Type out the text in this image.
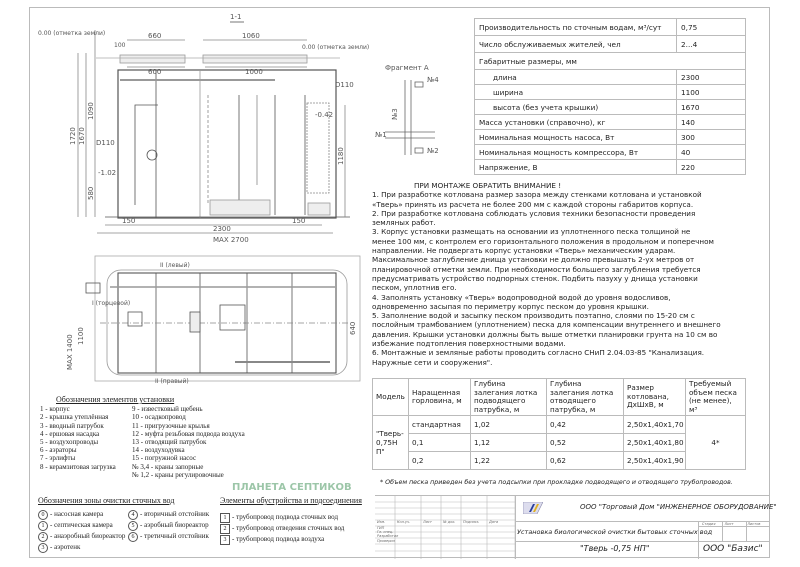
1-1
0.00 (отметка земли)
0.00 (отметка земли)
660	1060
600	1000
100
1720 1670
1090
580
1180
150	150
2300
MAX 2700
MAX 1400 1100	640
-1.02
-0.42
D110
D110
II (левый)
I (торцевой)
II (правый)
Фрагмент А
№4
№3
№1
№2
Производительность по сточным водам, м³/сут	0,75
Число обслуживаемых жителей, чел	2...4
Габаритные размеры, мм	
длина	2300
ширина	1100
высота (без учета крышки)	1670
Масса установки (справочно), кг	140
Номинальная мощность насоса, Вт	300
Номинальная мощность компрессора, Вт	40
Напряжение, В	220
ПРИ МОНТАЖЕ ОБРАТИТЬ ВНИМАНИЕ !
1. При разработке котлована размер зазора между стенками котлована и установкой
«Тверь» принять из расчета не более 200 мм с каждой стороны габаритов корпуса.
2. При разработке котлована соблюдать условия техники безопасности проведения
земляных работ.
3. Корпус установки размещать на основании из уплотненного песка толщиной не
менее 100 мм, с контролем его горизонтального положения в продольном и поперечном
направлении. Не подвергать корпус установки «Тверь» механическим ударам.
Максимальное заглубление днища установки не должно превышать 2-ух метров от
планировочной отметки земли. При необходимости большего заглубления требуется
предусматривать устройство подпорных стенок. Подбить пазуху у днища установки
песком, уплотнив его.
4. Заполнять установку «Тверь» водопроводной водой до уровня водосливов,
одновременно засыпая по периметру корпус песком до уровня крышки.
5. Заполнение водой и засыпку песком производить поэтапно, слоями по 15-20 см с
послойным трамбованием (уплотнением) песка для компенсации внутреннего и внешнего
давления. Крышки установки должны быть выше отметки планировки грунта на 10 см во
избежание подтопления поверхностными водами.
6. Монтажные и земляные работы проводить согласно СНиП 2.04.03-85 "Канализация.
Наружные сети и сооружения".
Модель	Наращенная горловина, м	Глубина залегания лотка подводящего патрубка, м	Глубина залегания лотка отводящего патрубка, м	Размер котлована, ДxШxВ, м	Требуемый объем песка (не менее), м³
"Тверь-0,75НП"	стандартная	1,02	0,42	2,50x1,40x1,70	4*
	0,1	1,12	0,52	2,50x1,40x1,80	
	0,2	1,22	0,62	2,50x1,40x1,90	
ПЛАНЕТА СЕПТИКОВ	* Объем песка приведен без учета подсыпки при прокладке подводящего и отводящего трубопроводов.
Обозначения элементов установки
1 - корпус
2 - крышка утеплённая
3 - вводный патрубок
4 - ершовая насадка
5 - воздухопроводы
6 - аэраторы
7 - эрлифты
8 - керамзитовая загрузка
9 - известковый щебень
10 - осадкопровод
11 - пригрузочные крылья
12 - муфта резьбовая подвода воздуха
13 - отводящий патрубок
14 - воздуходувка
15 - погружной насос
№ 3,4 - краны запорные
№ 1,2 - краны регулировочные
Обозначения зоны очистки сточных вод
0 - насосная камера
1 - септическая камера
2 - анаэробный биореактор
3 - аэротенк
4 - вторичный отстойник
5 - аэробный биореактор
6 - третичный отстойник
Элементы обустройства и подсоединения
1 - трубопровод подвода сточных вод
2 - трубопровод отведения сточных вод
3 - трубопровод подвода воздуха
Изм.	Кол.уч.	Лист	№ док.	Подпись	Дата
ГИП
Гл. спец.
Разработал
Проверил
ООО "Торговый Дом "ИНЖЕНЕРНОЕ ОБОРУДОВАНИЕ"
Стадия	Лист	Листов
Установка биологической очистки бытовых сточных вод
"Тверь -0,75 НП"	ООО "Базис"
